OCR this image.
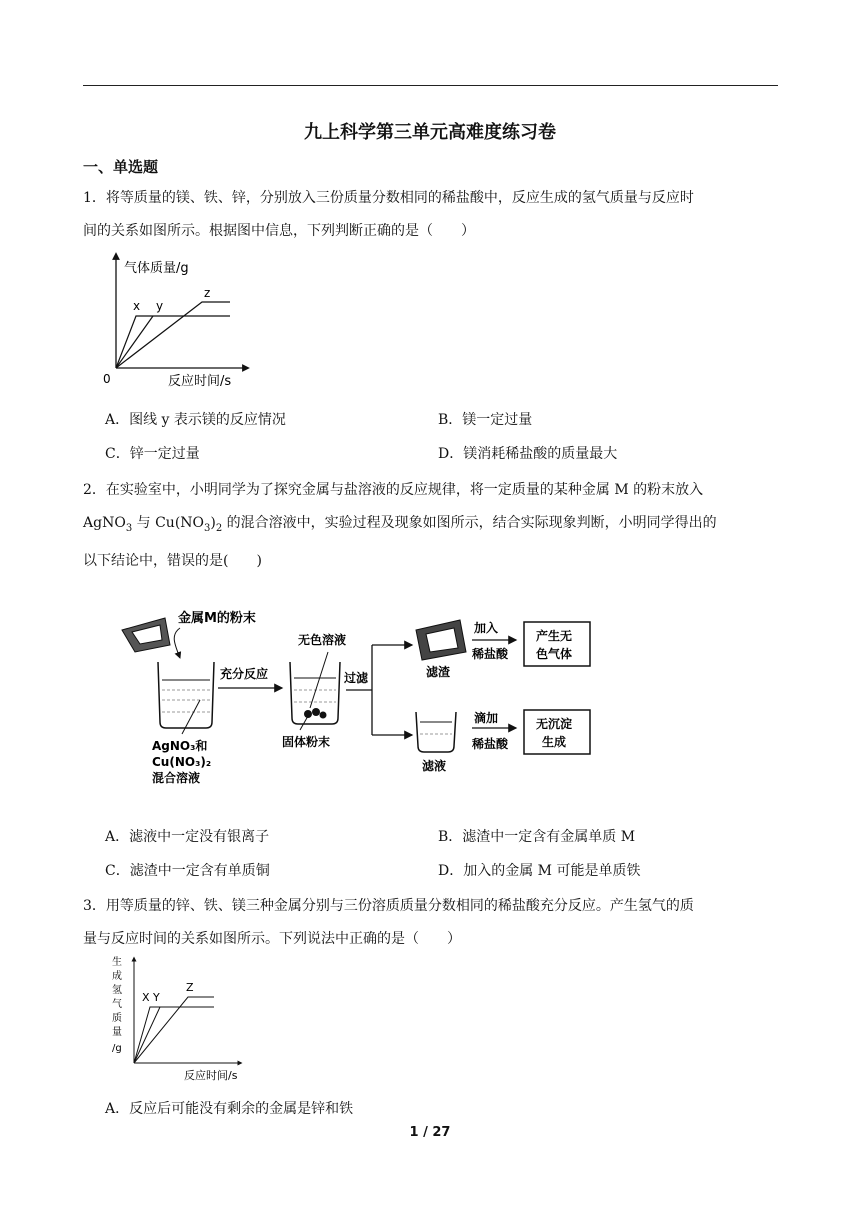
九上科学第三单元高难度练习卷
一、单选题
1．将等质量的镁、铁、锌，分别放入三份质量分数相同的稀盐酸中，反应生成的氢气质量与反应时
间的关系如图所示。根据图中信息，下列判断正确的是（　　）
气体质量/g
反应时间/s
0
x y
z
A．图线 y 表示镁的反应情况	B．镁一定过量
C．锌一定过量	D．镁消耗稀盐酸的质量最大
2．在实验室中，小明同学为了探究金属与盐溶液的反应规律，将一定质量的某种金属 M 的粉末放入
AgNO$_3$ 与 $Cu(NO_3)_2$ 的混合溶液中，实验过程及现象如图所示，结合实际现象判断，小明同学得出的
以下结论中，错误的是(　　)
金属M的粉末
AgNO₃和
Cu(NO₃)₂
混合溶液
充分反应
无色溶液
固体粉末
过滤	滤渣
加入
稀盐酸
产生无
色气体
滤液
滴加
稀盐酸
无沉淀
生成
A．滤液中一定没有银离子	B．滤渣中一定含有金属单质 M
C．滤渣中一定含有单质铜	D．加入的金属 M 可能是单质铁
3．用等质量的锌、铁、镁三种金属分别与三份溶质质量分数相同的稀盐酸充分反应。产生氢气的质
量与反应时间的关系如图所示。下列说法中正确的是（　　）
生
成
氢
气
质
量
/g
反应时间/s
X Y
Z
A．反应后可能没有剩余的金属是锌和铁
1 / 27
